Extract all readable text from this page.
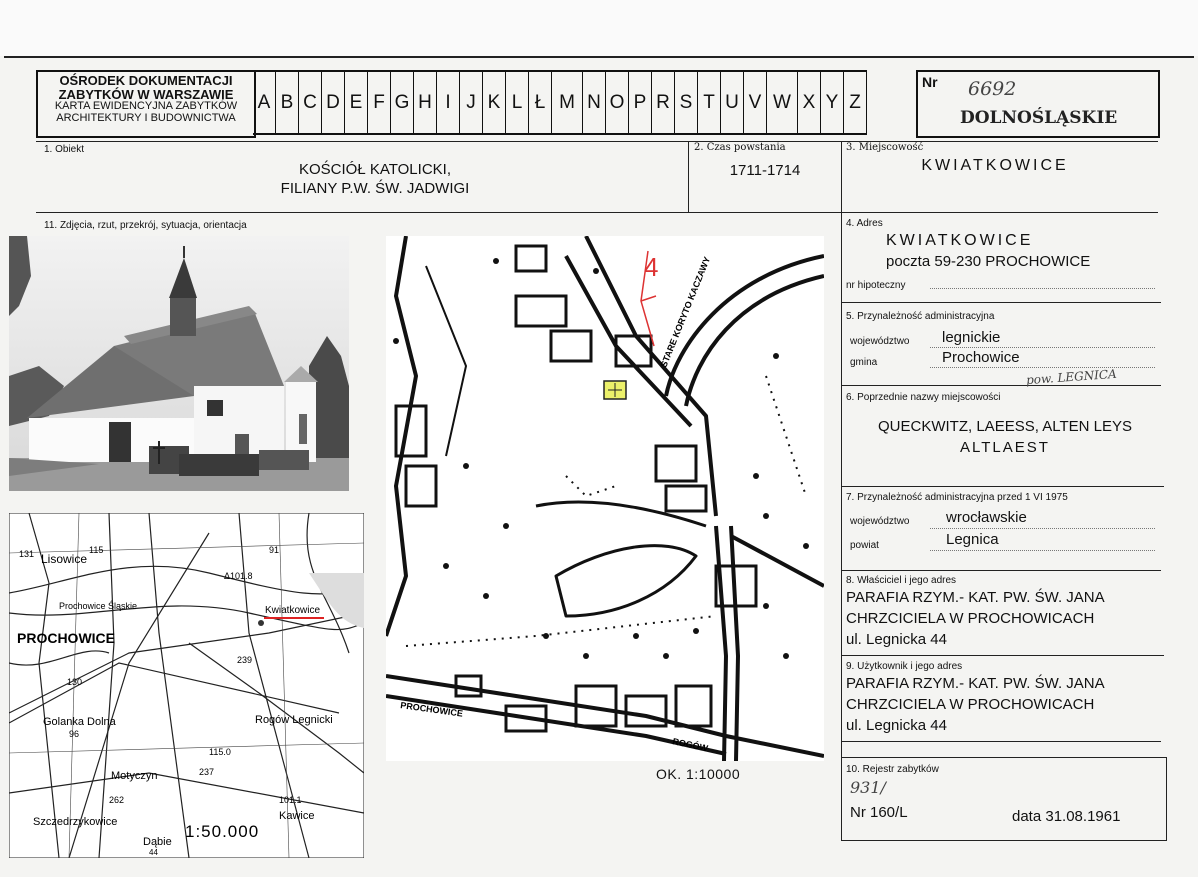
OŚRODEK DOKUMENTACJI
ZABYTKÓW W WARSZAWIE
KARTA EWIDENCYJNA ZABYTKÓW
ARCHITEKTURY I BUDOWNICTWA
A B C D E F G H I J K L Ł M N O P R S T U V W X Y Z
Nr 6692
DOLNOŚLĄSKIE
1. Obiekt
KOŚCIÓŁ KATOLICKI,
FILIANY P.W. ŚW. JADWIGI
2. Czas powstania
1711-1714
3. Miejscowość
KWIATKOWICE
11. Zdjęcia, rzut, przekrój, sytuacja, orientacja
131 Lisowice
115	91
Δ101.8
Prochowice Śląskie	Kwiatkowice
PROCHOWICE
239
130
Golanka Dolna
96
Rogów Legnicki
115.0
237
Motyczyn
262	101.1
Szczedrzykowice	Kawice
1:50.000
Dąbie
44
4 STARE KORYTO KACZAWY
PROCHOWICE
ROGÓW
OK. 1:10000
4. Adres
KWIATKOWICE
poczta 59-230 PROCHOWICE
nr hipoteczny
5. Przynależność administracyjna
województwo legnickie
gmina	Prochowice
pow. LEGNICA
6. Poprzednie nazwy miejscowości
QUECKWITZ, LAEESS, ALTEN LEYS
ALTLAEST
7. Przynależność administracyjna przed 1 VI 1975
województwo wrocławskie
powiat	Legnica
8. Właściciel i jego adres
PARAFIA RZYM.- KAT. PW. ŚW. JANA
CHRZCICIELA W PROCHOWICACH
ul. Legnicka 44
9. Użytkownik i jego adres
PARAFIA RZYM.- KAT. PW. ŚW. JANA
CHRZCICIELA W PROCHOWICACH
ul. Legnicka 44
10. Rejestr zabytków
931/
Nr 160/L	data 31.08.1961
